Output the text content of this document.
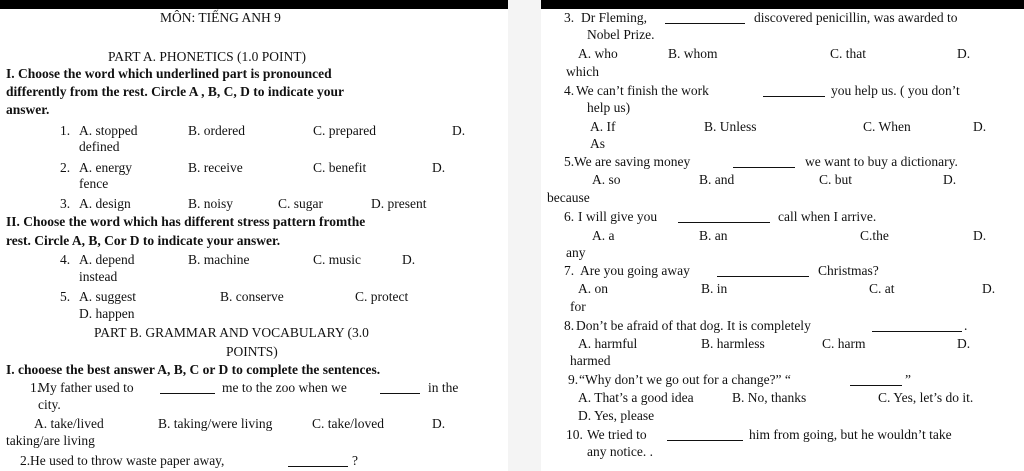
MÔN: TIẾNG ANH 9
PART A. PHONETICS (1.0 POINT)
I. Choose the word which underlined part is pronounced
differently from the rest. Circle A , B, C, D to indicate your
answer.
1. A. stopped	B. ordered	C. prepared	D.
defined
2. A. energy	B. receive	C. benefit	D.
fence
3. A. design	B. noisy	C. sugar	D. present
II. Choose the word which has different stress pattern fromthe
rest. Circle A, B, Cor D to indicate your answer.
4. A. depend	B. machine	C. music	D.
instead
5. A. suggest	B. conserve	C. protect
D. happen
PART B. GRAMMAR AND VOCABULARY (3.0
POINTS)
I. chooese the best answer A, B, C or D to complete the sentences.
1.
My father used to	me to the zoo when we	in the
city.
A. take/lived	B. taking/were living	C. take/loved	D.
taking/are living
2. He used to throw waste paper away,	?
3. Dr Fleming,	discovered penicillin, was awarded to
Nobel Prize.
A. who	B. whom	C. that	D.
which
4. We can’t finish the work	you help us. ( you don’t
help us)
A. If	B. Unless	C. When	D.
As
5. We are saving money	we want to buy a dictionary.
A. so	B. and	C. but	D.
because
6. I will give you	call when I arrive.
A. a	B. an	C.the	D.
any
7. Are you going away	Christmas?
A. on	B. in	C. at	D.
for
8. Don’t be afraid of that dog. It is completely	.
A. harmful	B. harmless	C. harm	D.
harmed
9. “Why don’t we go out for a change?” “	”
A. That’s a good idea	B. No, thanks	C. Yes, let’s do it.
D. Yes, please
10. We tried to	him from going, but he wouldn’t take
any notice. .
